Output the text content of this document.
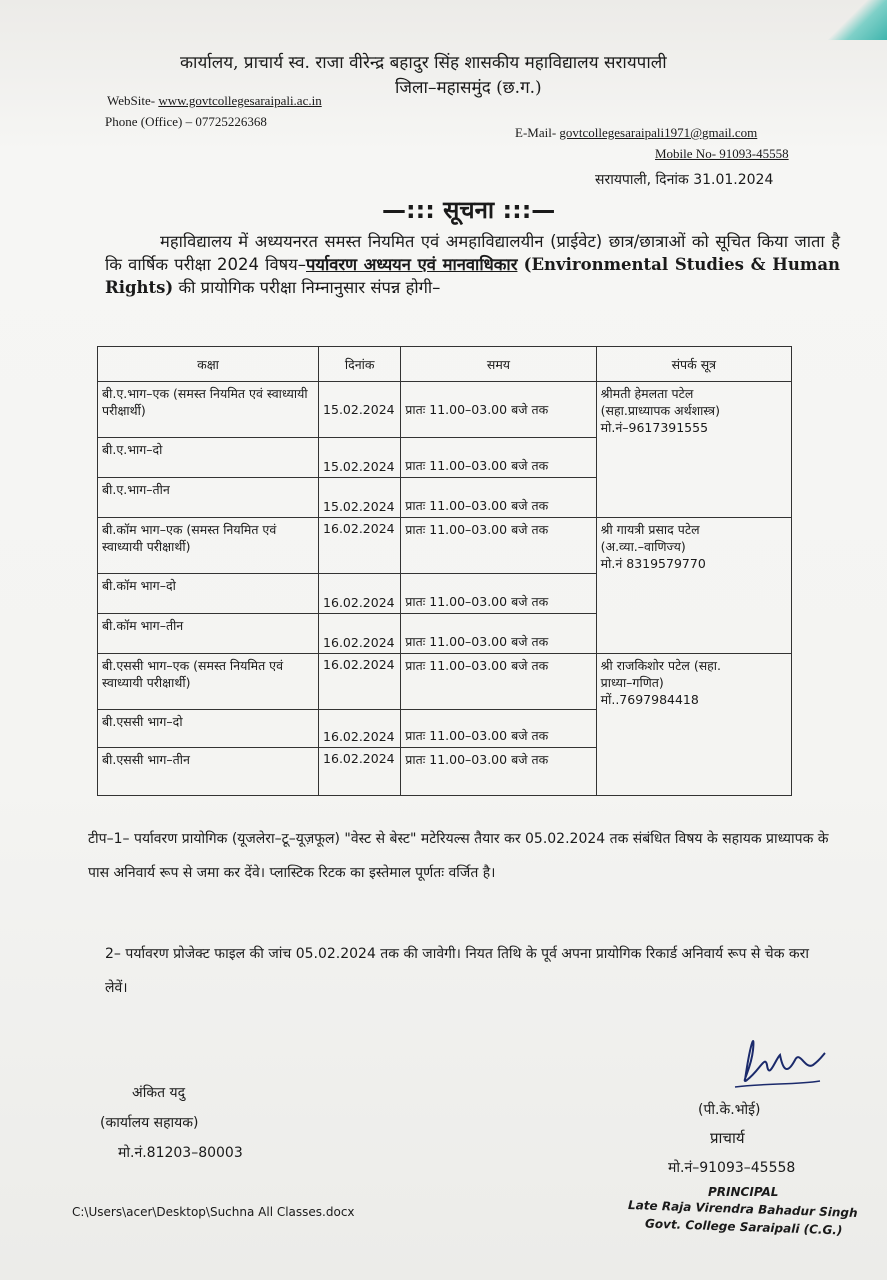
कार्यालय, प्राचार्य स्व. राजा वीरेन्द्र बहादुर सिंह शासकीय महाविद्यालय सरायपाली
जिला–महासमुंद (छ.ग.)
WebSite- www.govtcollegesaraipali.ac.in
Phone (Office) – 07725226368
E-Mail- govtcollegesaraipali1971@gmail.com
Mobile No- 91093-45558
सरायपाली, दिनांक 31.01.2024
—::: सूचना :::—
महाविद्यालय में अध्ययनरत समस्त नियमित एवं अमहाविद्यालयीन (प्राईवेट) छात्र/छात्राओं को सूचित किया जाता है कि वार्षिक परीक्षा 2024 विषय–पर्यावरण अध्ययन एवं मानवाधिकार (Environmental Studies & Human Rights) की प्रायोगिक परीक्षा निम्नानुसार संपन्न होगी–
कक्षा	दिनांक	समय	संपर्क सूत्र
बी.ए.भाग–एक (समस्त नियमित एवं स्वाध्यायी परीक्षार्थी)	15.02.2024	प्रातः 11.00–03.00 बजे तक	श्रीमती हेमलता पटेल
(सहा.प्राध्यापक अर्थशास्त्र)
मो.नं–9617391555

बी.ए.भाग–दो	15.02.2024	प्रातः 11.00–03.00 बजे तक	
बी.ए.भाग–तीन	15.02.2024	प्रातः 11.00–03.00 बजे तक	
बी.कॉम भाग–एक (समस्त नियमित एवं स्वाध्यायी परीक्षार्थी)	16.02.2024	प्रातः 11.00–03.00 बजे तक	श्री गायत्री प्रसाद पटेल
(अ.व्या.–वाणिज्य)
मो.नं 8319579770

बी.कॉम भाग–दो	16.02.2024	प्रातः 11.00–03.00 बजे तक	
बी.कॉम भाग–तीन	16.02.2024	प्रातः 11.00–03.00 बजे तक	
बी.एससी भाग–एक (समस्त नियमित एवं स्वाध्यायी परीक्षार्थी)	16.02.2024	प्रातः 11.00–03.00 बजे तक	श्री राजकिशोर पटेल (सहा.
प्राध्या–गणित)
मों..7697984418

बी.एससी भाग–दो	16.02.2024	प्रातः 11.00–03.00 बजे तक	
बी.एससी भाग–तीन	16.02.2024	प्रातः 11.00–03.00 बजे तक	
टीप–1– पर्यावरण प्रायोगिक (यूजलेरा–टू–यूज़फूल) "वेस्ट से बेस्ट" मटेरियल्स तैयार कर 05.02.2024 तक संबंधित विषय के सहायक प्राध्यापक के पास अनिवार्य रूप से जमा कर देंवे। प्लास्टिक रिटक का इस्तेमाल पूर्णतः वर्जित है।
2– पर्यावरण प्रोजेक्ट फाइल की जांच 05.02.2024 तक की जावेगी। नियत तिथि के पूर्व अपना प्रायोगिक रिकार्ड अनिवार्य रूप से चेक करा लेवें।
अंकित यदु
(कार्यालय सहायक)
मो.नं.81203–80003
C:\Users\acer\Desktop\Suchna All Classes.docx
(पी.के.भोई)
प्राचार्य
मो.नं–91093–45558
PRINCIPAL
Late Raja Virendra Bahadur Singh
Govt. College Saraipali (C.G.)
